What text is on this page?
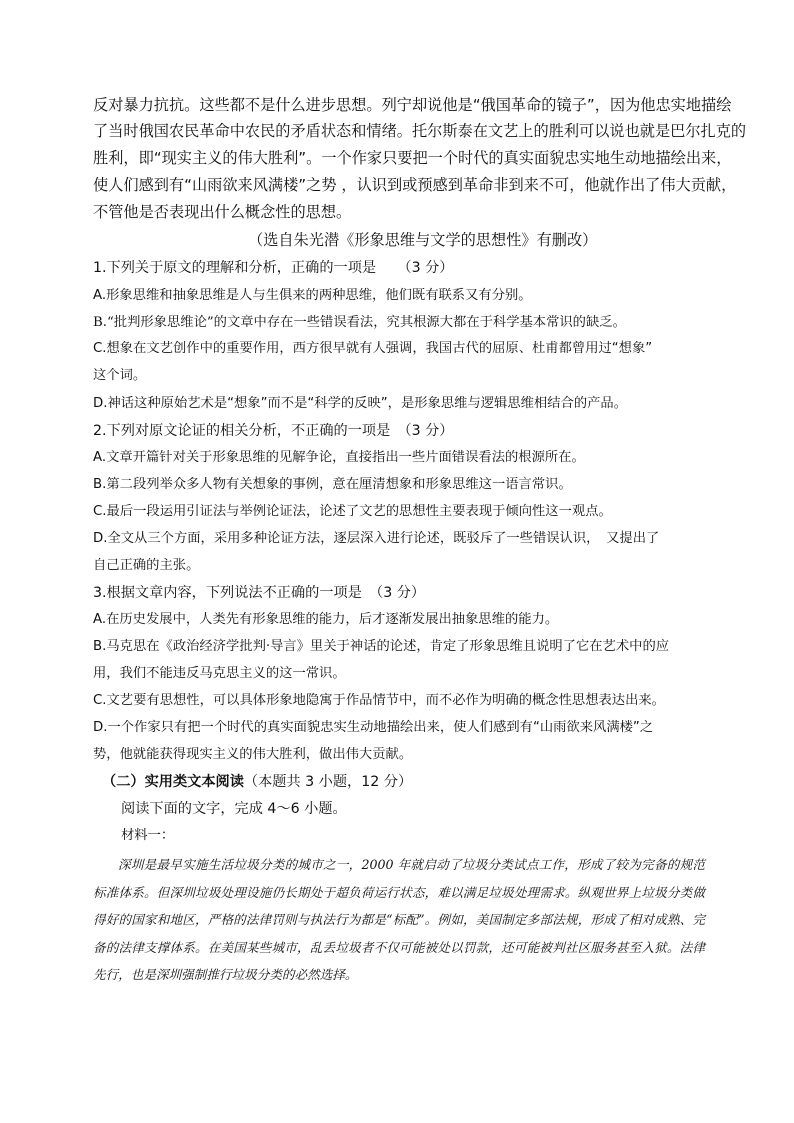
反对暴力抗抗。这些都不是什么进步思想。列宁却说他是“俄国革命的镜子”，因为他忠实地描绘
了当时俄国农民革命中农民的矛盾状态和情绪。托尔斯泰在文艺上的胜利可以说也就是巴尔扎克的
胜利，即“现实主义的伟大胜利”。一个作家只要把一个时代的真实面貌忠实地生动地描绘出来，
使人们感到有“山雨欲来风满楼”之势 ，认识到或预感到革命非到来不可，他就作出了伟大贡献，
不管他是否表现出什么概念性的思想。
（选自朱光潜《形象思维与文学的思想性》有删改）
1.下列关于原文的理解和分析，正确的一项是　　（3 分）
A.形象思维和抽象思维是人与生俱来的两种思维，他们既有联系又有分别。
B.“批判形象思维论”的文章中存在一些错误看法，究其根源大都在于科学基本常识的缺乏。
C.想象在文艺创作中的重要作用，西方很早就有人强调，我国古代的屈原、杜甫都曾用过“想象”
这个词。
D.神话这种原始艺术是“想象”而不是“科学的反映”，是形象思维与逻辑思维相结合的产品。
2.下列对原文论证的相关分析，不正确的一项是　（3 分）
A.文章开篇针对关于形象思维的见解争论，直接指出一些片面错误看法的根源所在。
B.第二段列举众多人物有关想象的事例，意在厘清想象和形象思维这一语言常识。
C.最后一段运用引证法与举例论证法，论述了文艺的思想性主要表现于倾向性这一观点。
D.全文从三个方面，采用多种论证方法，逐层深入进行论述，既驳斥了一些错误认识，　又提出了
自己正确的主张。
3.根据文章内容，下列说法不正确的一项是　（3 分）
A.在历史发展中，人类先有形象思维的能力，后才逐渐发展出抽象思维的能力。
B.马克思在《政治经济学批判·导言》里关于神话的论述，肯定了形象思维且说明了它在艺术中的应
用，我们不能违反马克思主义的这一常识。
C.文艺要有思想性，可以具体形象地隐寓于作品情节中，而不必作为明确的概念性思想表达出来。
D.一个作家只有把一个时代的真实面貌忠实生动地描绘出来，使人们感到有“山雨欲来风满楼”之
势，他就能获得现实主义的伟大胜利，做出伟大贡献。
（二）实用类文本阅读（本题共 3 小题，12 分）
阅读下面的文字，完成 4～6 小题。
材料一：

深圳是最早实施生活垃圾分类的城市之一，2000 年就启动了垃圾分类试点工作，形成了较为完备的规范标准体系。但深圳垃圾处理设施仍长期处于超负荷运行状态，难以满足垃圾处理需求。纵观世界上垃圾分类做得好的国家和地区，严格的法律罚则与执法行为都是“标配”。例如，美国制定多部法规，形成了相对成熟、完备的法律支撑体系。在美国某些城市，乱丢垃圾者不仅可能被处以罚款，还可能被判社区服务甚至入狱。法律先行，也是深圳强制推行垃圾分类的必然选择。
